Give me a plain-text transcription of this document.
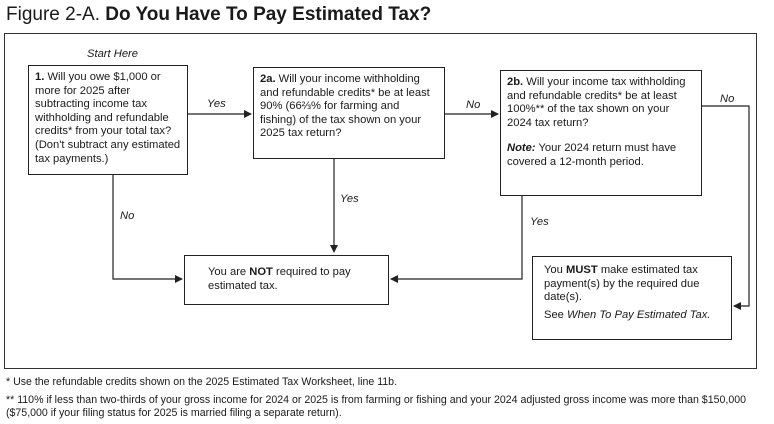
Figure 2-A. Do You Have To Pay Estimated Tax?
Start Here

1. Will you owe $1,000 or more for 2025 after subtracting income tax withholding and refundable credits* from your total tax? (Don't subtract any estimated tax payments.)

Yes

2a. Will your income withholding and refundable credits* be at least 90% (66⅔% for farming and fishing) of the tax shown on your 2025 tax return?

No

2b. Will your income tax withholding and refundable credits* be at least 100%** of the tax shown on your 2024 tax return?

Note: Your 2024 return must have covered a 12-month period.

No
Yes
No	Yes

You are NOT required to pay estimated tax.

You MUST make estimated tax payment(s) by the required due date(s).

See When To Pay Estimated Tax.

* Use the refundable credits shown on the 2025 Estimated Tax Worksheet, line 11b.
** 110% if less than two-thirds of your gross income for 2024 or 2025 is from farming or fishing and your 2024 adjusted gross income was more than $150,000 ($75,000 if your filing status for 2025 is married filing a separate return).
